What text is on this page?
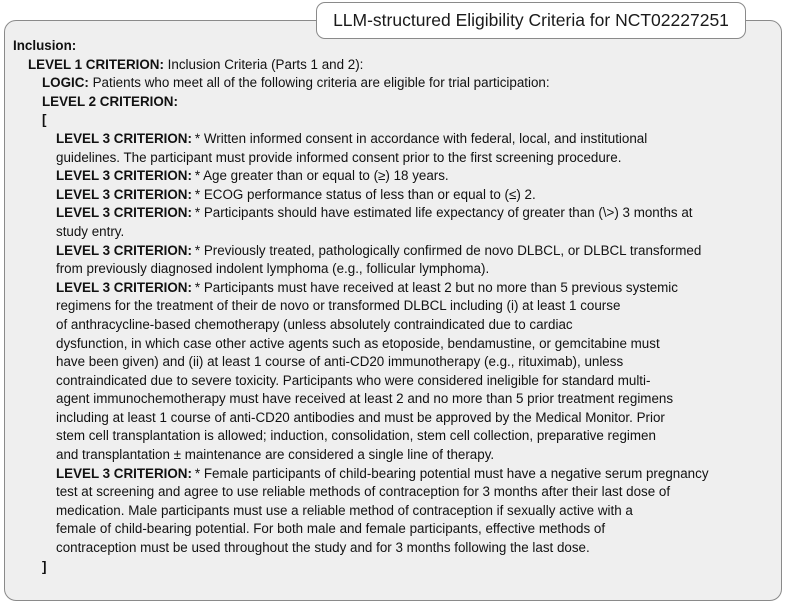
LLM-structured Eligibility Criteria for NCT02227251
Inclusion:
LEVEL 1 CRITERION: Inclusion Criteria (Parts 1 and 2):
LOGIC: Patients who meet all of the following criteria are eligible for trial participation:
LEVEL 2 CRITERION:
[
LEVEL 3 CRITERION: * Written informed consent in accordance with federal, local, and institutional
guidelines. The participant must provide informed consent prior to the first screening procedure.
LEVEL 3 CRITERION: * Age greater than or equal to (≥) 18 years.
LEVEL 3 CRITERION: * ECOG performance status of less than or equal to (≤) 2.
LEVEL 3 CRITERION: * Participants should have estimated life expectancy of greater than (\>) 3 months at
study entry.
LEVEL 3 CRITERION: * Previously treated, pathologically confirmed de novo DLBCL, or DLBCL transformed
from previously diagnosed indolent lymphoma (e.g., follicular lymphoma).
LEVEL 3 CRITERION: * Participants must have received at least 2 but no more than 5 previous systemic
regimens for the treatment of their de novo or transformed DLBCL including (i) at least 1 course
of anthracycline-based chemotherapy (unless absolutely contraindicated due to cardiac
dysfunction, in which case other active agents such as etoposide, bendamustine, or gemcitabine must
have been given) and (ii) at least 1 course of anti-CD20 immunotherapy (e.g., rituximab), unless
contraindicated due to severe toxicity. Participants who were considered ineligible for standard multi-
agent immunochemotherapy must have received at least 2 and no more than 5 prior treatment regimens
including at least 1 course of anti-CD20 antibodies and must be approved by the Medical Monitor. Prior
stem cell transplantation is allowed; induction, consolidation, stem cell collection, preparative regimen
and transplantation ± maintenance are considered a single line of therapy.
LEVEL 3 CRITERION: * Female participants of child-bearing potential must have a negative serum pregnancy
test at screening and agree to use reliable methods of contraception for 3 months after their last dose of
medication. Male participants must use a reliable method of contraception if sexually active with a
female of child-bearing potential. For both male and female participants, effective methods of
contraception must be used throughout the study and for 3 months following the last dose.
]
